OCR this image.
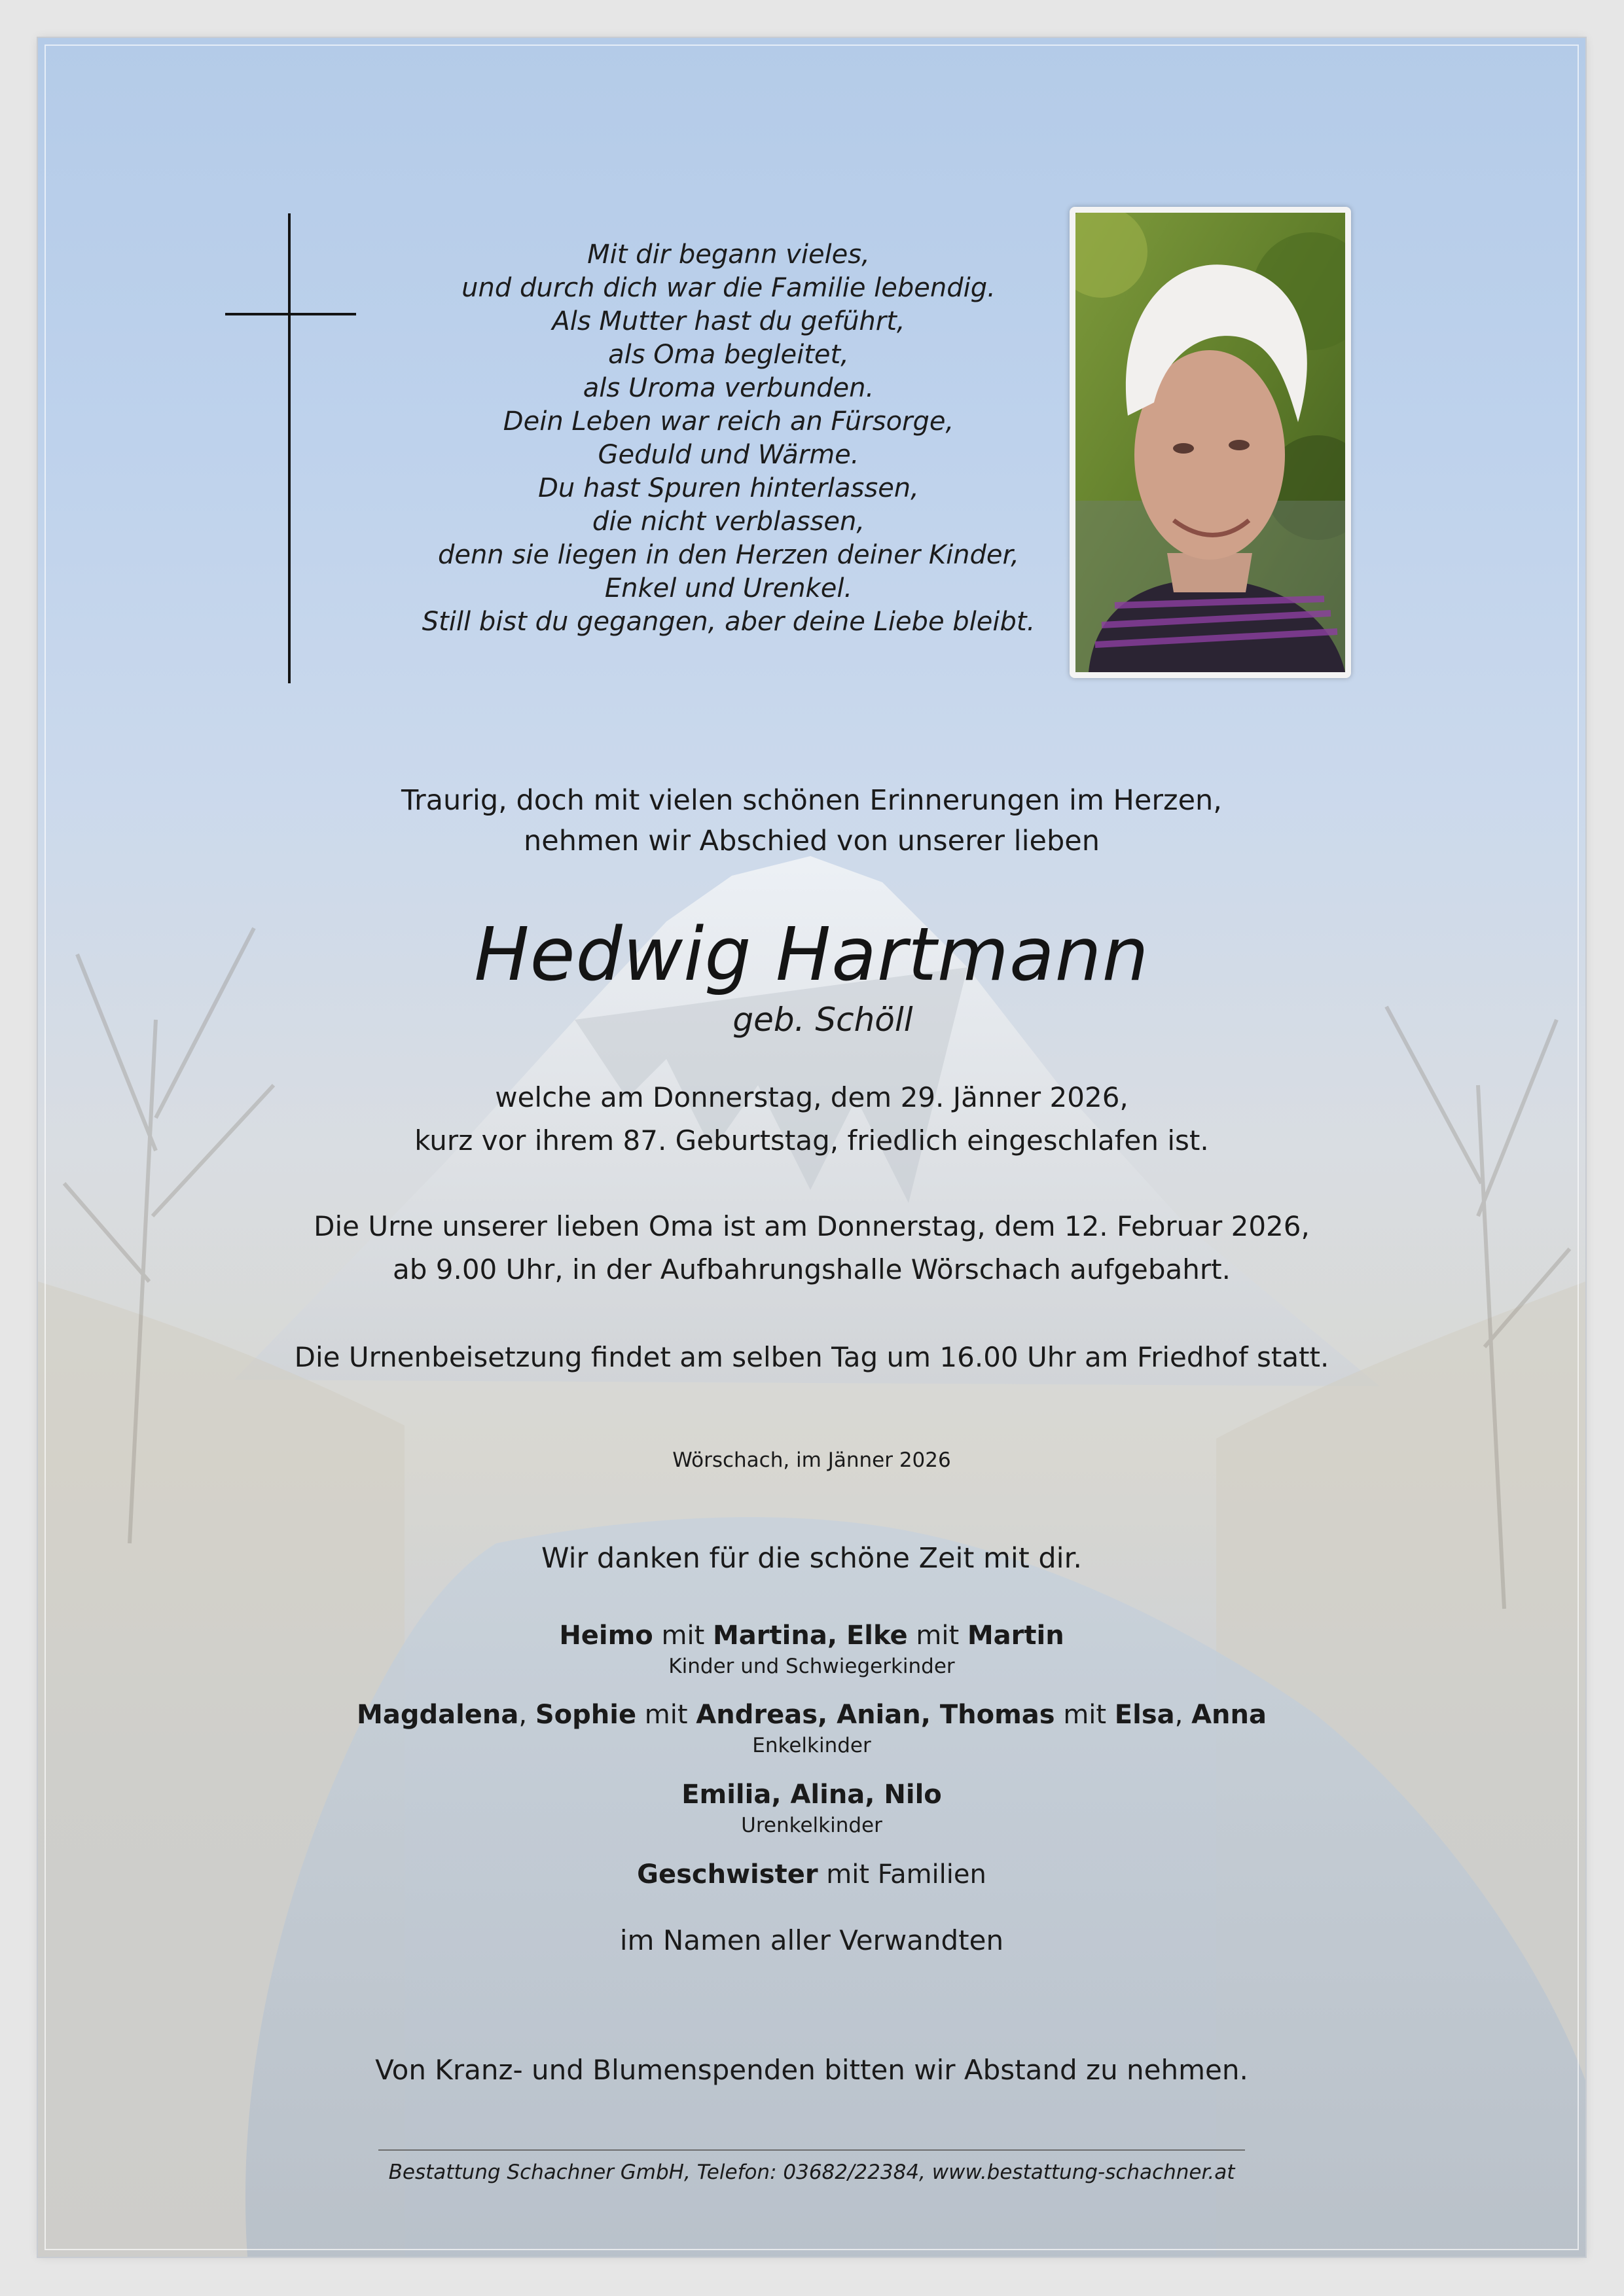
Mit dir begann vieles,
und durch dich war die Familie lebendig.
Als Mutter hast du geführt,
als Oma begleitet,
als Uroma verbunden.
Dein Leben war reich an Fürsorge,
Geduld und Wärme.
Du hast Spuren hinterlassen,
die nicht verblassen,
denn sie liegen in den Herzen deiner Kinder,
Enkel und Urenkel.
Still bist du gegangen, aber deine Liebe bleibt.
Traurig, doch mit vielen schönen Erinnerungen im Herzen,
nehmen wir Abschied von unserer lieben
Hedwig Hartmann
geb. Schöll
welche am Donnerstag, dem 29. Jänner 2026,
kurz vor ihrem 87. Geburtstag, friedlich eingeschlafen ist.
Die Urne unserer lieben Oma ist am Donnerstag, dem 12. Februar 2026,
ab 9.00 Uhr, in der Aufbahrungshalle Wörschach aufgebahrt.
Die Urnenbeisetzung findet am selben Tag um 16.00 Uhr am Friedhof statt.
Wörschach, im Jänner 2026
Wir danken für die schöne Zeit mit dir.
Heimo mit Martina, Elke mit Martin
Kinder und Schwiegerkinder
Magdalena, Sophie mit Andreas, Anian, Thomas mit Elsa, Anna
Enkelkinder
Emilia, Alina, Nilo
Urenkelkinder
Geschwister mit Familien
im Namen aller Verwandten
Von Kranz- und Blumenspenden bitten wir Abstand zu nehmen.
Bestattung Schachner GmbH, Telefon: 03682/22384, www.bestattung-schachner.at
